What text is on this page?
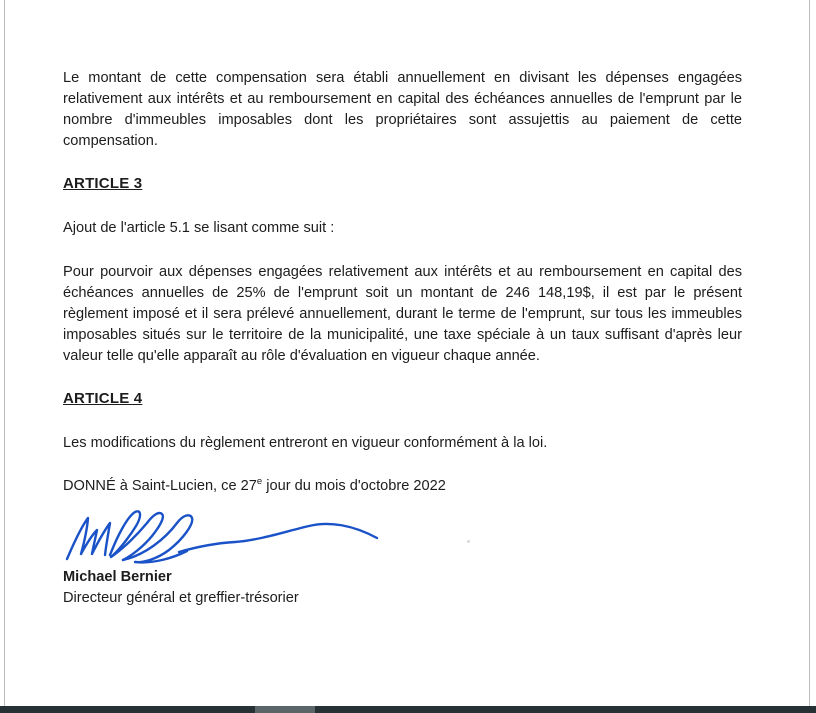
Le montant de cette compensation sera établi annuellement en divisant les dépenses engagées relativement aux intérêts et au remboursement en capital des échéances annuelles de l'emprunt par le nombre d'immeubles imposables dont les propriétaires sont assujettis au paiement de cette compensation.

ARTICLE 3

Ajout de l'article 5.1 se lisant comme suit :

Pour pourvoir aux dépenses engagées relativement aux intérêts et au remboursement en capital des échéances annuelles de 25% de l'emprunt soit un montant de 246 148,19$, il est par le présent règlement imposé et il sera prélevé annuellement, durant le terme de l'emprunt, sur tous les immeubles imposables situés sur le territoire de la municipalité, une taxe spéciale à un taux suffisant d'après leur valeur telle qu'elle apparaît au rôle d'évaluation en vigueur chaque année.

ARTICLE 4

Les modifications du règlement entreront en vigueur conformément à la loi.

DONNÉ à Saint-Lucien, ce 27e jour du mois d'octobre 2022

Michael Bernier
Directeur général et greffier-trésorier
